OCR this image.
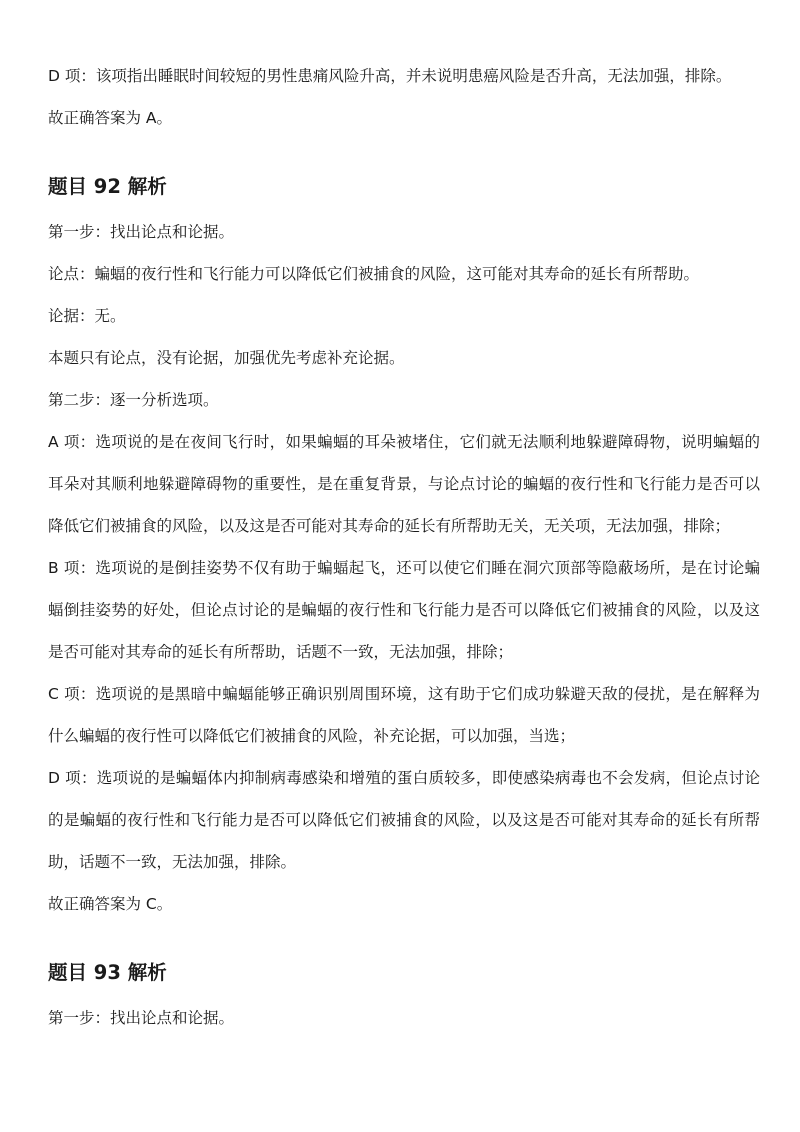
D 项：该项指出睡眠时间较短的男性患痛风险升高，并未说明患癌风险是否升高，无法加强，排除。

故正确答案为 A。

题目 92 解析

第一步：找出论点和论据。

论点：蝙蝠的夜行性和飞行能力可以降低它们被捕食的风险，这可能对其寿命的延长有所帮助。

论据：无。

本题只有论点，没有论据，加强优先考虑补充论据。

第二步：逐一分析选项。

A 项：选项说的是在夜间飞行时，如果蝙蝠的耳朵被堵住，它们就无法顺利地躲避障碍物，说明蝙蝠的耳朵对其顺利地躲避障碍物的重要性，是在重复背景，与论点讨论的蝙蝠的夜行性和飞行能力是否可以降低它们被捕食的风险，以及这是否可能对其寿命的延长有所帮助无关，无关项，无法加强，排除；

B 项：选项说的是倒挂姿势不仅有助于蝙蝠起飞，还可以使它们睡在洞穴顶部等隐蔽场所，是在讨论蝙蝠倒挂姿势的好处，但论点讨论的是蝙蝠的夜行性和飞行能力是否可以降低它们被捕食的风险，以及这是否可能对其寿命的延长有所帮助，话题不一致，无法加强，排除；

C 项：选项说的是黑暗中蝙蝠能够正确识别周围环境，这有助于它们成功躲避天敌的侵扰，是在解释为什么蝙蝠的夜行性可以降低它们被捕食的风险，补充论据，可以加强，当选；

D 项：选项说的是蝙蝠体内抑制病毒感染和增殖的蛋白质较多，即使感染病毒也不会发病，但论点讨论的是蝙蝠的夜行性和飞行能力是否可以降低它们被捕食的风险，以及这是否可能对其寿命的延长有所帮助，话题不一致，无法加强，排除。

故正确答案为 C。

题目 93 解析

第一步：找出论点和论据。
